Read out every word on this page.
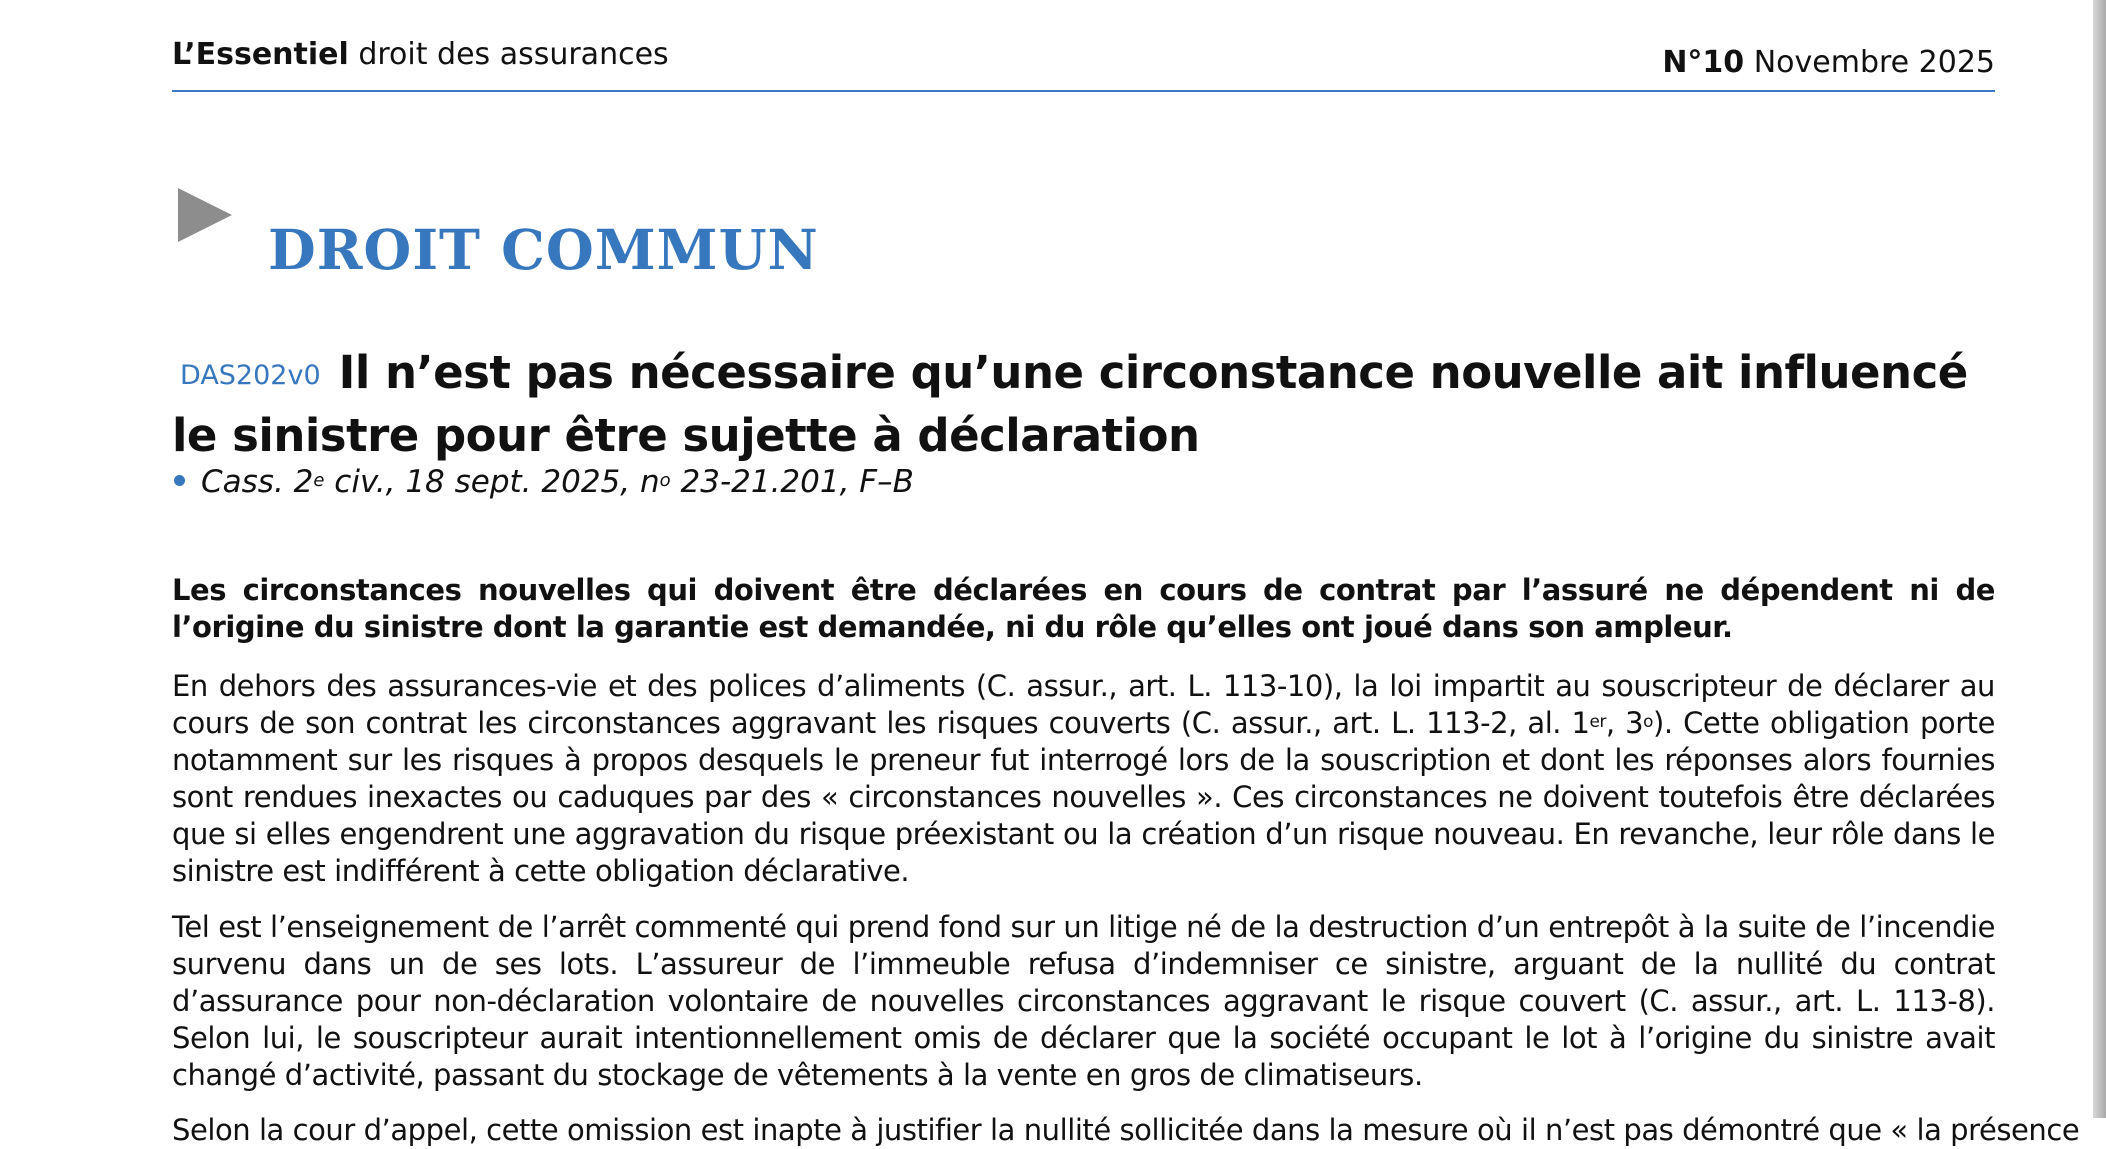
L’Essentiel droit des assurances	N°10 Novembre 2025
DROIT COMMUN
DAS202v0 Il n’est pas nécessaire qu’une circonstance nouvelle ait influencé le sinistre pour être sujette à déclaration
Cass. 2e civ., 18 sept. 2025, $n^o$ 23-21.201, F–B

Les circonstances nouvelles qui doivent être déclarées en cours de contrat par l’assuré ne dépendent ni de l’origine du sinistre dont la garantie est demandée, ni du rôle qu’elles ont joué dans son ampleur.

En dehors des assurances-vie et des polices d’aliments (C. assur., art. L. 113-10), la loi impartit au souscripteur de déclarer au cours de son contrat les circonstances aggravant les risques couverts (C. assur., art. L. 113-2, al. 1er, 3$^o$). Cette obligation porte notamment sur les risques à propos desquels le preneur fut interrogé lors de la souscription et dont les réponses alors fournies sont rendues inexactes ou caduques par des « circonstances nouvelles ». Ces circonstances ne doivent toutefois être déclarées que si elles engendrent une aggravation du risque préexistant ou la création d’un risque nouveau. En revanche, leur rôle dans le sinistre est indifférent à cette obligation déclarative.

Tel est l’enseignement de l’arrêt commenté qui prend fond sur un litige né de la destruction d’un entrepôt à la suite de l’incendie survenu dans un de ses lots. L’assureur de l’immeuble refusa d’indemniser ce sinistre, arguant de la nullité du contrat d’assurance pour non-déclaration volontaire de nouvelles circonstances aggravant le risque couvert (C. assur., art. L. 113-8). Selon lui, le souscripteur aurait intentionnellement omis de déclarer que la société occupant le lot à l’origine du sinistre avait changé d’activité, passant du stockage de vêtements à la vente en gros de climatiseurs.

Selon la cour d’appel, cette omission est inapte à justifier la nullité sollicitée dans la mesure où il n’est pas démontré que « la présence
